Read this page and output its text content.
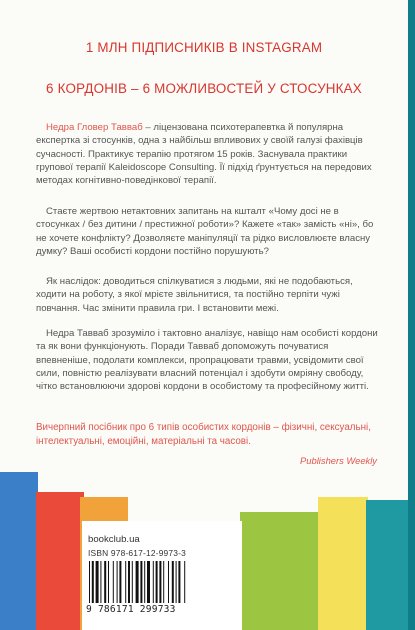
1 МЛН ПІДПИСНИКІВ В INSTAGRAM
6 КОРДОНІВ – 6 МОЖЛИВОСТЕЙ У СТОСУНКАХ
Недра Гловер Тавваб – ліцензована психотерапевтка й популярна експертка зі стосунків, одна з найбільш впливових у своїй галузі фахівців сучасності. Практикує терапію протягом 15 років. Заснувала практики групової терапії Kaleidoscope Consulting. Її підхід ґрунтується на передових методах когнітивно-поведінкової терапії.
Стаєте жертвою нетактовних запитань на кшталт «Чому досі не в стосунках / без дитини / престижної роботи»? Кажете «так» замість «ні», бо не хочете конфлікту? Дозволяєте маніпуляції та рідко висловлюєте власну думку? Ваші особисті кордони постійно порушують?
Як наслідок: доводиться спілкуватися з людьми, які не подобаються, ходити на роботу, з якої мрієте звільнитися, та постійно терпіти чужі повчання. Час змінити правила гри. І встановити межі.
Недра Тавваб зрозуміло і тактовно аналізує, навіщо нам особисті кордони та як вони функціонують. Поради Тавваб допоможуть почуватися впевненіше, подолати комплекси, пропрацювати травми, усвідомити свої сили, повністю реалізувати власний потенціал і здобути омріяну свободу, чітко встановлюючи здорові кордони в особистому та професійному житті.
Вичерпний посібник про 6 типів особистих кордонів – фізичні, сексуальні, інтелектуальні, емоційні, матеріальні та часові.
Publishers Weekly
bookclub.ua
ISBN 978-617-12-9973-3
9 786171 299733
